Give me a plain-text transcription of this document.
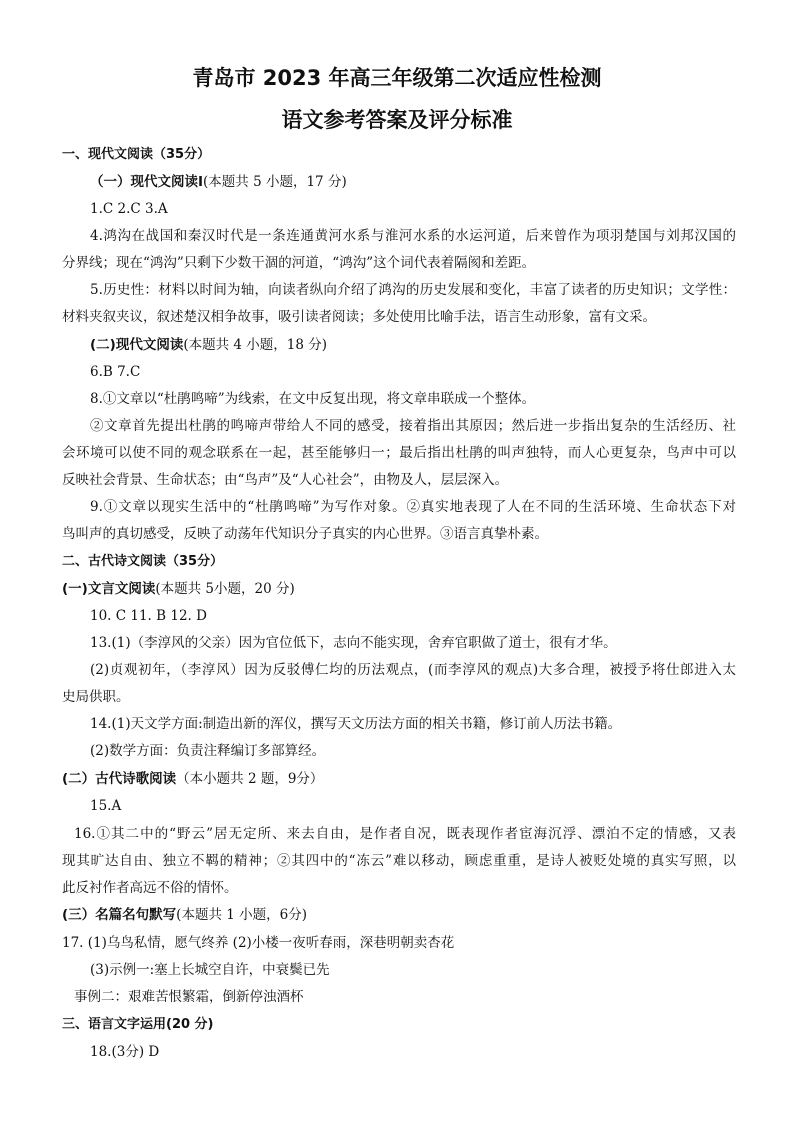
青岛市 2023 年高三年级第二次适应性检测
语文参考答案及评分标准
一、现代文阅读（35分）
（一）现代文阅读Ⅰ(本题共 5 小题，17 分)
1.C 2.C 3.A
4.鸿沟在战国和秦汉时代是一条连通黄河水系与淮河水系的水运河道，后来曾作为项羽楚国与刘邦汉国的
分界线；现在“鸿沟”只剩下少数干涸的河道，“鸿沟”这个词代表着隔阂和差距。
5.历史性：材料以时间为轴，向读者纵向介绍了鸿沟的历史发展和变化，丰富了读者的历史知识；文学性：
材料夹叙夹议，叙述楚汉相争故事，吸引读者阅读；多处使用比喻手法，语言生动形象，富有文采。
(二)现代文阅读(本题共 4 小题，18 分)
6.B 7.C
8.①文章以“杜鹃鸣啼”为线索，在文中反复出现，将文章串联成一个整体。
②文章首先提出杜鹃的鸣啼声带给人不同的感受，接着指出其原因；然后进一步指出复杂的生活经历、社
会环境可以使不同的观念联系在一起，甚至能够归一；最后指出杜鹃的叫声独特，而人心更复杂，鸟声中可以
反映社会背景、生命状态；由“鸟声”及“人心社会”，由物及人，层层深入。
9.①文章以现实生活中的“杜鹃鸣啼”为写作对象。②真实地表现了人在不同的生活环境、生命状态下对
鸟叫声的真切感受，反映了动荡年代知识分子真实的内心世界。③语言真挚朴素。
二、古代诗文阅读（35分）
(一)文言文阅读(本题共 5小题，20 分)
10. C 11. B 12. D
13.(1)（李淳风的父亲）因为官位低下，志向不能实现，舍弃官职做了道士，很有才华。
(2)贞观初年，（李淳风）因为反驳傅仁均的历法观点，(而李淳风的观点)大多合理，被授予将仕郎进入太
史局供职。
14.(1)天文学方面:制造出新的浑仪，撰写天文历法方面的相关书籍，修订前人历法书籍。
(2)数学方面：负责注释编订多部算经。
(二）古代诗歌阅读（本小题共 2 题，9分）
15.A
16.①其二中的“野云”居无定所、来去自由，是作者自况，既表现作者宦海沉浮、漂泊不定的情感，又表
现其旷达自由、独立不羁的精神；②其四中的“冻云”难以移动，顾虑重重，是诗人被贬处境的真实写照，以
此反衬作者高远不俗的情怀。
(三）名篇名句默写(本题共 1 小题，6分)
17. (1)乌鸟私情，愿气终养 (2)小楼一夜听春雨，深巷明朝卖杏花
(3)示例一:塞上长城空自许，中衰鬓已先
事例二：艰难苦恨繁霜，倒新停浊酒杯
三、语言文字运用(20 分)
18.(3分) D
